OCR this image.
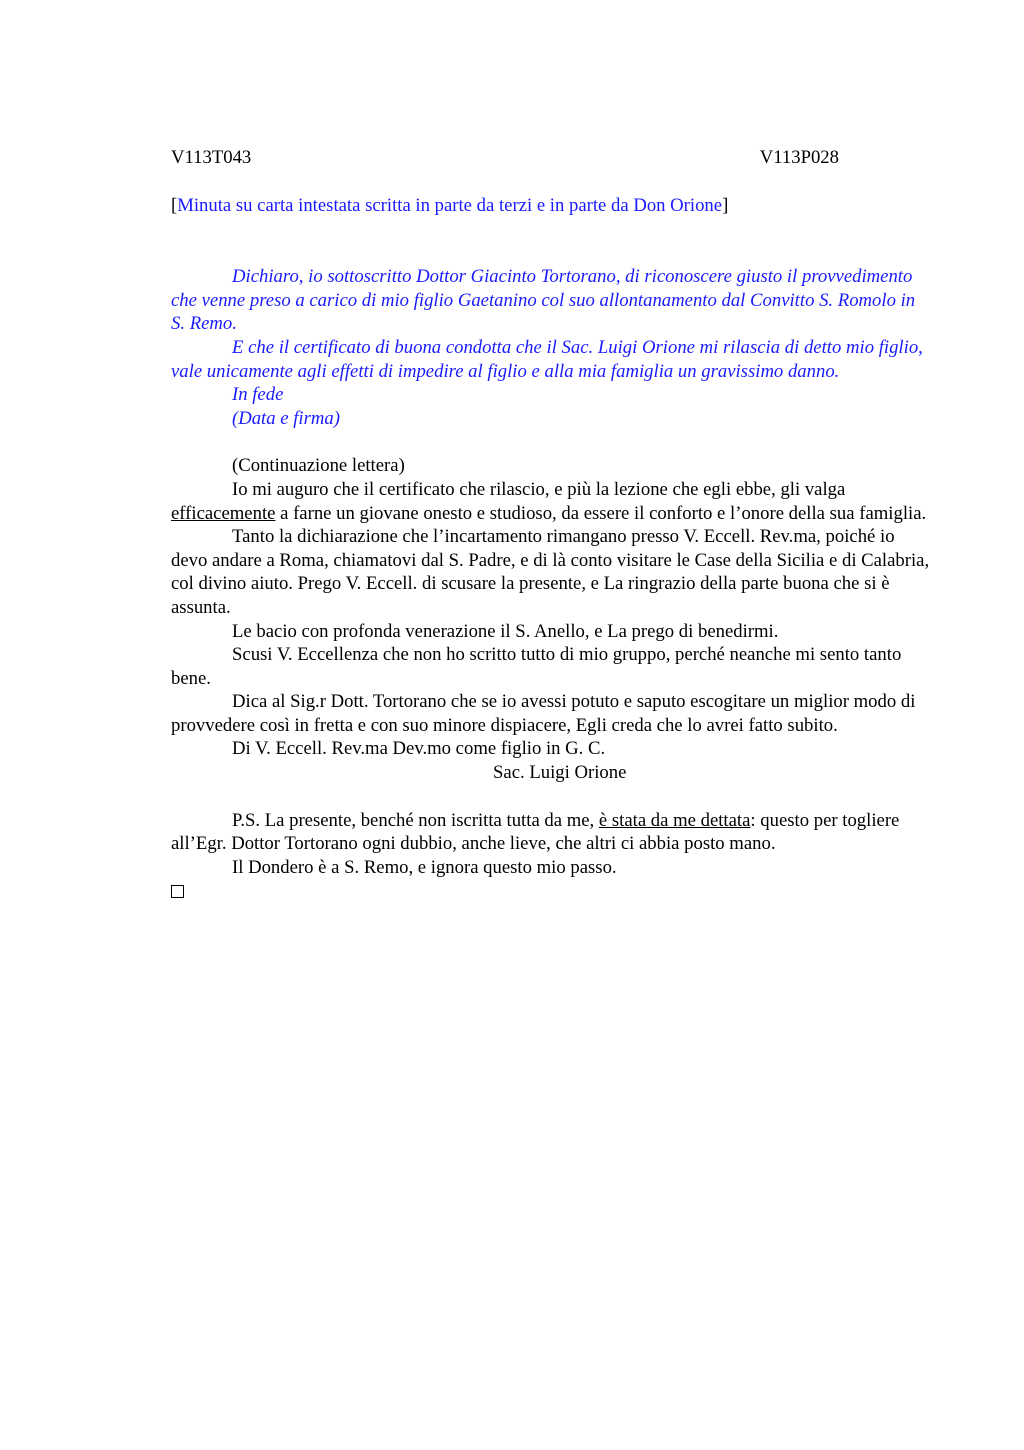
V113T043	V113P028

[Minuta su carta intestata scritta in parte da terzi e in parte da Don Orione]

Dichiaro, io sottoscritto Dottor Giacinto Tortorano, di riconoscere giusto il provvedimento che venne preso a carico di mio figlio Gaetanino col suo allontanamento dal Convitto S. Romolo in S. Remo.

E che il certificato di buona condotta che il Sac. Luigi Orione mi rilascia di detto mio figlio, vale unicamente agli effetti di impedire al figlio e alla mia famiglia un gravissimo danno.

In fede

(Data e firma)

(Continuazione lettera)

Io mi auguro che il certificato che rilascio, e più la lezione che egli ebbe, gli valga efficacemente a farne un giovane onesto e studioso, da essere il conforto e l’onore della sua famiglia.

Tanto la dichiarazione che l’incartamento rimangano presso V. Eccell. Rev.ma, poiché io devo andare a Roma, chiamatovi dal S. Padre, e di là conto visitare le Case della Sicilia e di Calabria, col divino aiuto. Prego V. Eccell. di scusare la presente, e La ringrazio della parte buona che si è assunta.

Le bacio con profonda venerazione il S. Anello, e La prego di benedirmi.

Scusi V. Eccellenza che non ho scritto tutto di mio gruppo, perché neanche mi sento tanto bene.

Dica al Sig.r Dott. Tortorano che se io avessi potuto e saputo escogitare un miglior modo di provvedere così in fretta e con suo minore dispiacere, Egli creda che lo avrei fatto subito.

Di V. Eccell. Rev.ma Dev.mo come figlio in G. C.

Sac. Luigi Orione

P.S. La presente, benché non iscritta tutta da me, è stata da me dettata: questo per togliere all’Egr. Dottor Tortorano ogni dubbio, anche lieve, che altri ci abbia posto mano.

Il Dondero è a S. Remo, e ignora questo mio passo.
